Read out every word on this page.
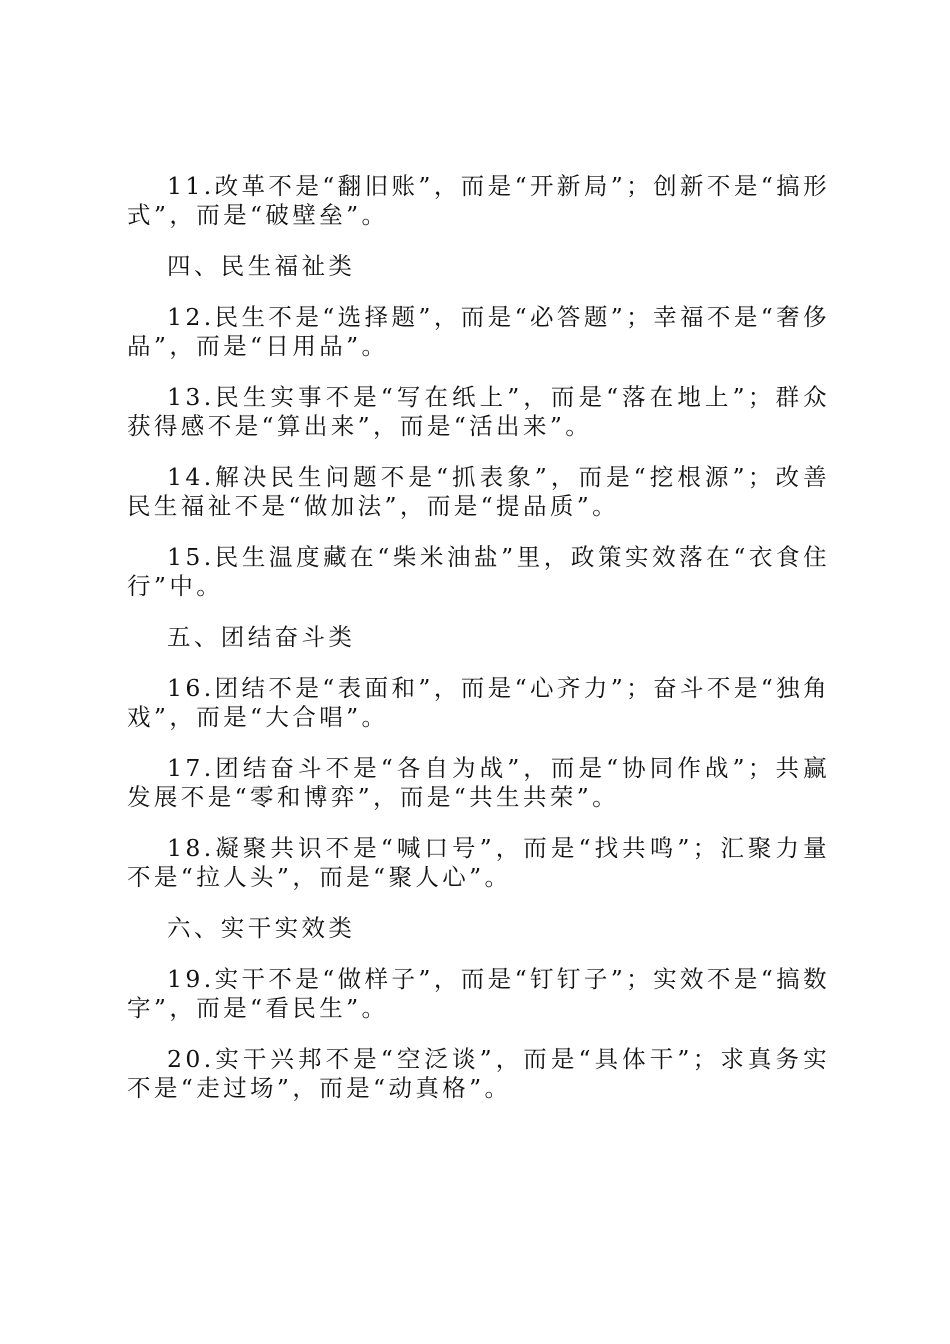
11.改革不是“翻旧账”，而是“开新局”；创新不是“搞形式”，而是“破壁垒”。

四、民生福祉类

12.民生不是“选择题”，而是“必答题”；幸福不是“奢侈品”，而是“日用品”。

13.民生实事不是“写在纸上”，而是“落在地上”；群众获得感不是“算出来”，而是“活出来”。

14.解决民生问题不是“抓表象”，而是“挖根源”；改善民生福祉不是“做加法”，而是“提品质”。

15.民生温度藏在“柴米油盐”里，政策实效落在“衣食住行”中。

五、团结奋斗类

16.团结不是“表面和”，而是“心齐力”；奋斗不是“独角戏”，而是“大合唱”。

17.团结奋斗不是“各自为战”，而是“协同作战”；共赢发展不是“零和博弈”，而是“共生共荣”。

18.凝聚共识不是“喊口号”，而是“找共鸣”；汇聚力量不是“拉人头”，而是“聚人心”。

六、实干实效类

19.实干不是“做样子”，而是“钉钉子”；实效不是“搞数字”，而是“看民生”。

20.实干兴邦不是“空泛谈”，而是“具体干”；求真务实不是“走过场”，而是“动真格”。
